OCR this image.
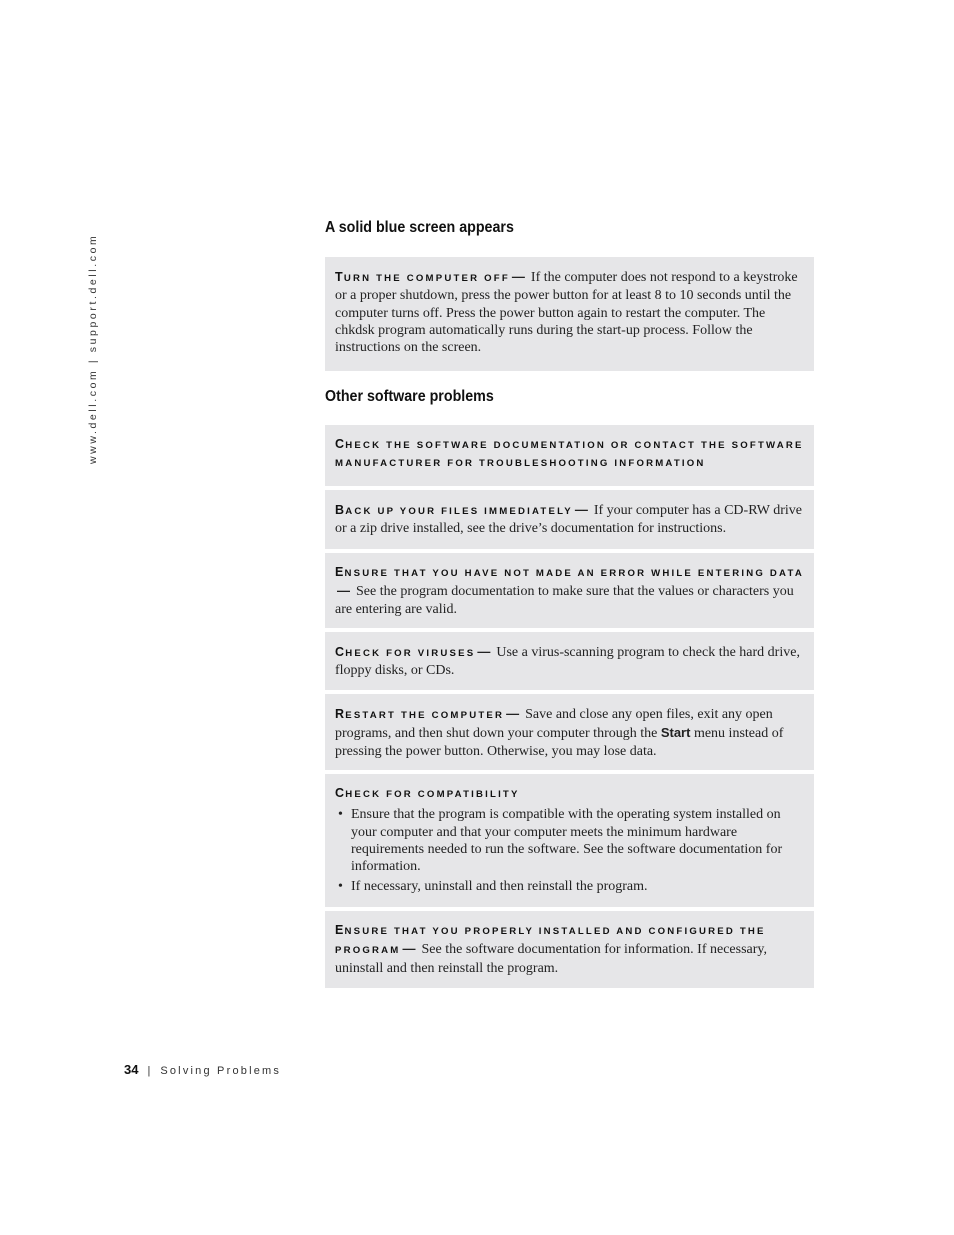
www.dell.com | support.dell.com
A solid blue screen appears
TURN THE COMPUTER OFF — If the computer does not respond to a keystroke or a proper shutdown, press the power button for at least 8 to 10 seconds until the computer turns off. Press the power button again to restart the computer. The chkdsk program automatically runs during the start-up process. Follow the instructions on the screen.
Other software problems
CHECK THE SOFTWARE DOCUMENTATION OR CONTACT THE SOFTWARE MANUFACTURER FOR TROUBLESHOOTING INFORMATION
BACK UP YOUR FILES IMMEDIATELY — If your computer has a CD-RW drive or a zip drive installed, see the drive’s documentation for instructions.
ENSURE THAT YOU HAVE NOT MADE AN ERROR WHILE ENTERING DATA— See the program documentation to make sure that the values or characters you are entering are valid.
CHECK FOR VIRUSES — Use a virus-scanning program to check the hard drive, floppy disks, or CDs.
RESTART THE COMPUTER — Save and close any open files, exit any open programs, and then shut down your computer through the Start menu instead of pressing the power button. Otherwise, you may lose data.
CHECK FOR COMPATIBILITY
• Ensure that the program is compatible with the operating system installed on your computer and that your computer meets the minimum hardware requirements needed to run the software. See the software documentation for information.
• If necessary, uninstall and then reinstall the program.
ENSURE THAT YOU PROPERLY INSTALLED AND CONFIGURED THE PROGRAM — See the software documentation for information. If necessary, uninstall and then reinstall the program.
34 | Solving Problems
